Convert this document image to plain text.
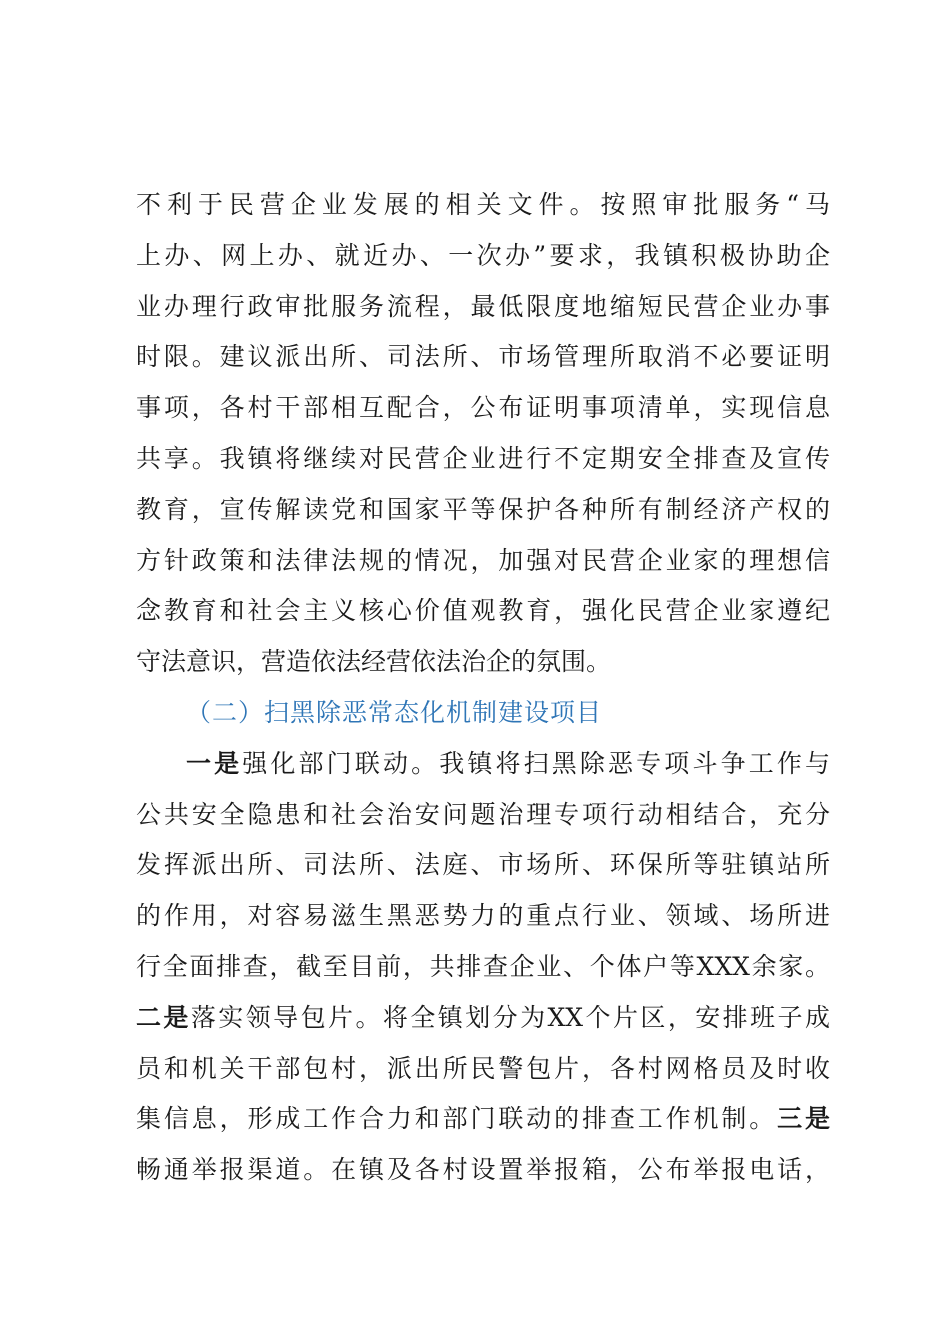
不利于民营企业发展的相关文件。按照审批服务“马
上办、网上办、就近办、一次办”要求，我镇积极协助企
业办理行政审批服务流程，最低限度地缩短民营企业办事
时限。建议派出所、司法所、市场管理所取消不必要证明
事项，各村干部相互配合，公布证明事项清单，实现信息
共享。我镇将继续对民营企业进行不定期安全排查及宣传
教育，宣传解读党和国家平等保护各种所有制经济产权的
方针政策和法律法规的情况，加强对民营企业家的理想信
念教育和社会主义核心价值观教育，强化民营企业家遵纪
守法意识，营造依法经营依法治企的氛围。
（二）扫黑除恶常态化机制建设项目
一是强化部门联动。我镇将扫黑除恶专项斗争工作与
公共安全隐患和社会治安问题治理专项行动相结合，充分
发挥派出所、司法所、法庭、市场所、环保所等驻镇站所
的作用，对容易滋生黑恶势力的重点行业、领域、场所进
行全面排查，截至目前，共排查企业、个体户等XXX余家。
二是落实领导包片。将全镇划分为XX个片区，安排班子成
员和机关干部包村，派出所民警包片，各村网格员及时收
集信息，形成工作合力和部门联动的排查工作机制。三是
畅通举报渠道。在镇及各村设置举报箱，公布举报电话，
